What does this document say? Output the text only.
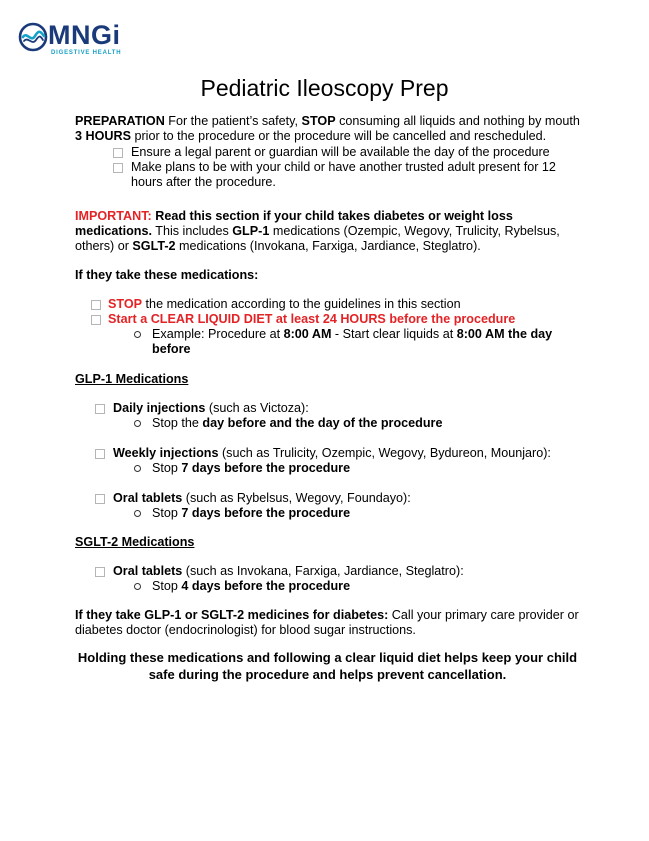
MNGi
DIGESTIVE HEALTH
Pediatric Ileoscopy Prep

PREPARATION For the patient’s safety, STOP consuming all liquids and nothing by mouth 3 HOURS prior to the procedure or the procedure will be cancelled and rescheduled.

Ensure a legal parent or guardian will be available the day of the procedure
Make plans to be with your child or have another trusted adult present for 12 hours after the procedure.

IMPORTANT: Read this section if your child takes diabetes or weight loss medications. This includes GLP-1 medications (Ozempic, Wegovy, Trulicity, Rybelsus, others) or SGLT-2 medications (Invokana, Farxiga, Jardiance, Steglatro).

If they take these medications:

STOP the medication according to the guidelines in this section
Start a CLEAR LIQUID DIET at least 24 HOURS before the procedure
Example: Procedure at 8:00 AM - Start clear liquids at 8:00 AM the day before

GLP-1 Medications

Daily injections (such as Victoza):
Stop the day before and the day of the procedure
Weekly injections (such as Trulicity, Ozempic, Wegovy, Bydureon, Mounjaro):
Stop 7 days before the procedure
Oral tablets (such as Rybelsus, Wegovy, Foundayo):
Stop 7 days before the procedure

SGLT-2 Medications

Oral tablets (such as Invokana, Farxiga, Jardiance, Steglatro):
Stop 4 days before the procedure

If they take GLP-1 or SGLT-2 medicines for diabetes: Call your primary care provider or diabetes doctor (endocrinologist) for blood sugar instructions.

Holding these medications and following a clear liquid diet helps keep your child safe during the procedure and helps prevent cancellation.
